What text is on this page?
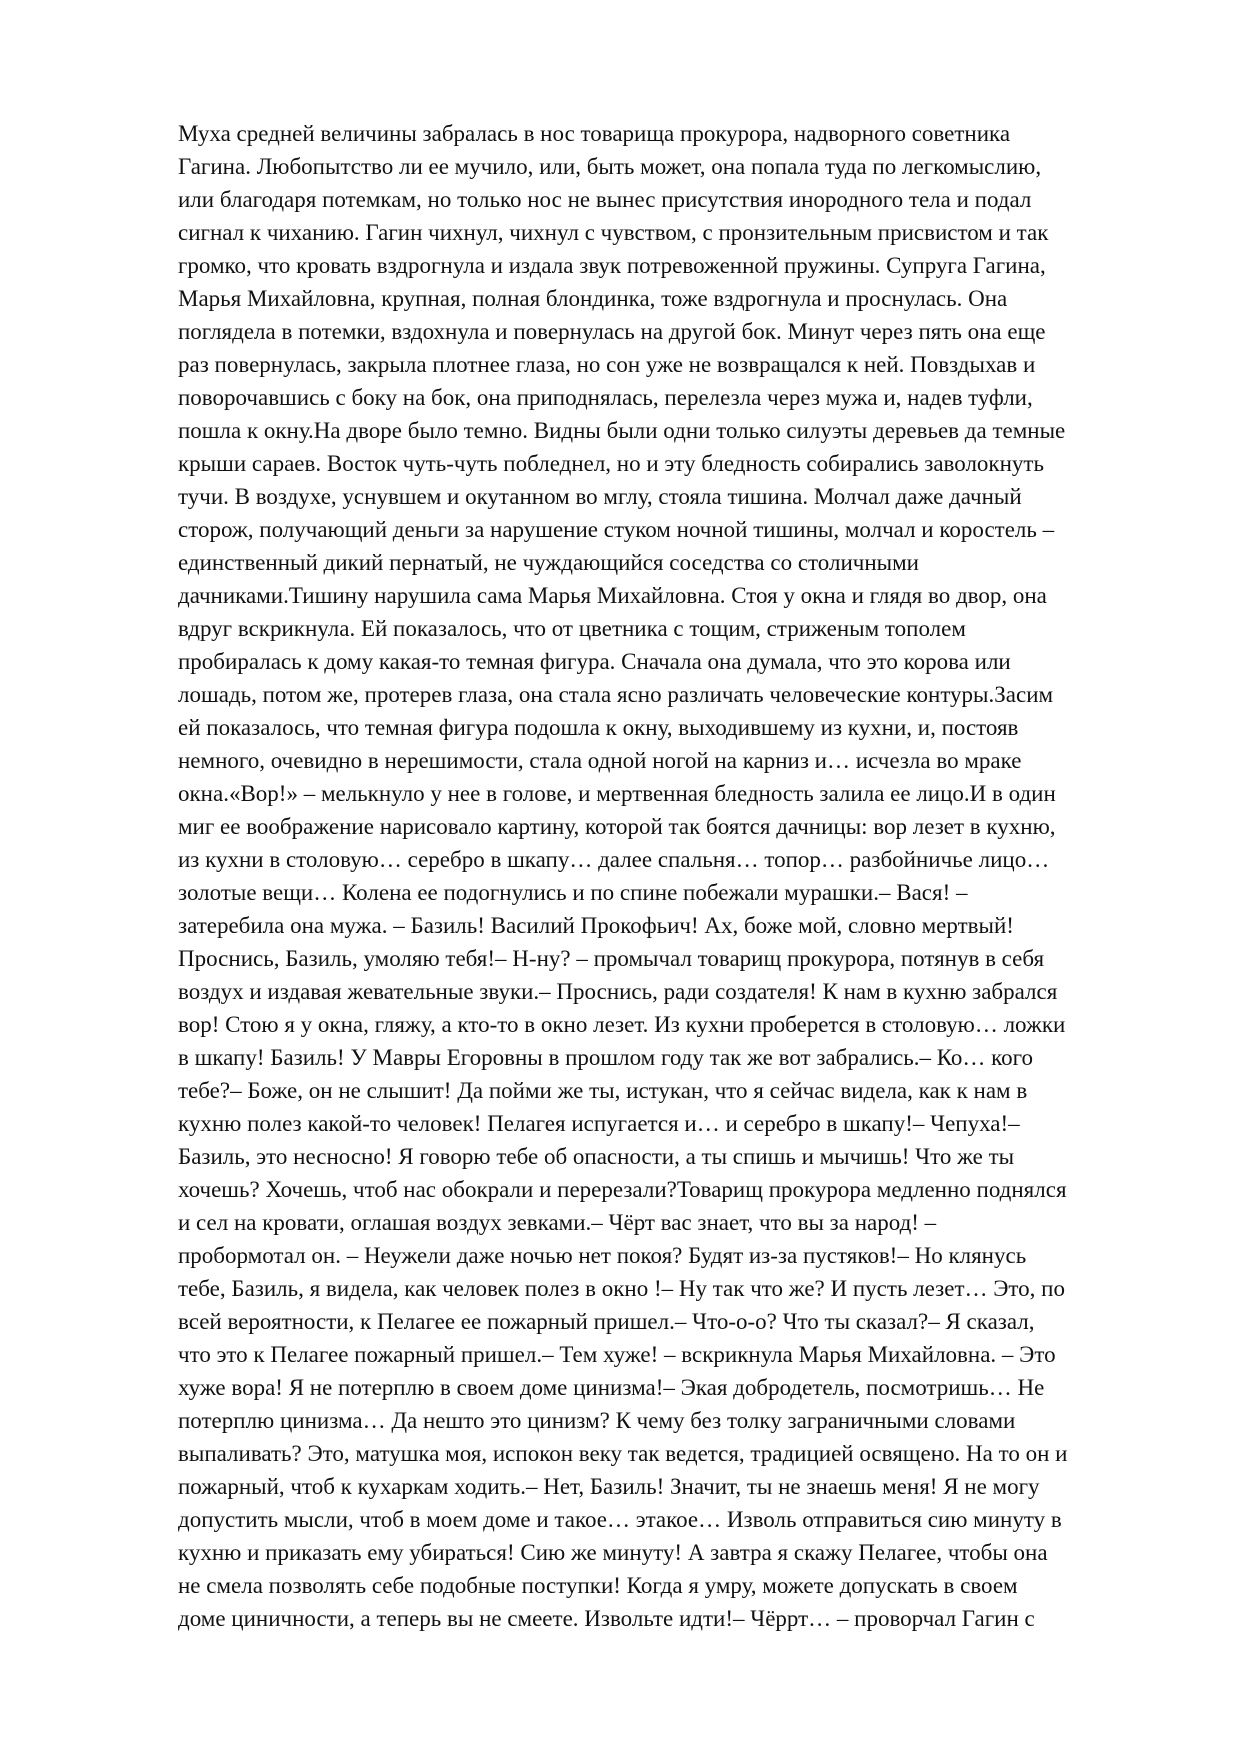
Муха средней величины забралась в нос товарища прокурора, надворного советника
Гагина. Любопытство ли ее мучило, или, быть может, она попала туда по легкомыслию,
или благодаря потемкам, но только нос не вынес присутствия инородного тела и подал
сигнал к чиханию. Гагин чихнул, чихнул с чувством, с пронзительным присвистом и так
громко, что кровать вздрогнула и издала звук потревоженной пружины. Супруга Гагина,
Марья Михайловна, крупная, полная блондинка, тоже вздрогнула и проснулась. Она
поглядела в потемки, вздохнула и повернулась на другой бок. Минут через пять она еще
раз повернулась, закрыла плотнее глаза, но сон уже не возвращался к ней. Повздыхав и
поворочавшись с боку на бок, она приподнялась, перелезла через мужа и, надев туфли,
пошла к окну.На дворе было темно. Видны были одни только силуэты деревьев да темные
крыши сараев. Восток чуть-чуть побледнел, но и эту бледность собирались заволокнуть
тучи. В воздухе, уснувшем и окутанном во мглу, стояла тишина. Молчал даже дачный
сторож, получающий деньги за нарушение стуком ночной тишины, молчал и коростель –
единственный дикий пернатый, не чуждающийся соседства со столичными
дачниками.Тишину нарушила сама Марья Михайловна. Стоя у окна и глядя во двор, она
вдруг вскрикнула. Ей показалось, что от цветника с тощим, стриженым тополем
пробиралась к дому какая-то темная фигура. Сначала она думала, что это корова или
лошадь, потом же, протерев глаза, она стала ясно различать человеческие контуры.Засим
ей показалось, что темная фигура подошла к окну, выходившему из кухни, и, постояв
немного, очевидно в нерешимости, стала одной ногой на карниз и… исчезла во мраке
окна.«Вор!» – мелькнуло у нее в голове, и мертвенная бледность залила ее лицо.И в один
миг ее воображение нарисовало картину, которой так боятся дачницы: вор лезет в кухню,
из кухни в столовую… серебро в шкапу… далее спальня… топор… разбойничье лицо…
золотые вещи… Колена ее подогнулись и по спине побежали мурашки.– Вася! –
затеребила она мужа. – Базиль! Василий Прокофьич! Ах, боже мой, словно мертвый!
Проснись, Базиль, умоляю тебя!– Н-ну? – промычал товарищ прокурора, потянув в себя
воздух и издавая жевательные звуки.– Проснись, ради создателя! К нам в кухню забрался
вор! Стою я у окна, гляжу, а кто-то в окно лезет. Из кухни проберется в столовую… ложки
в шкапу! Базиль! У Мавры Егоровны в прошлом году так же вот забрались.– Ко… кого
тебе?– Боже, он не слышит! Да пойми же ты, истукан, что я сейчас видела, как к нам в
кухню полез какой-то человек! Пелагея испугается и… и серебро в шкапу!– Чепуха!–
Базиль, это несносно! Я говорю тебе об опасности, а ты спишь и мычишь! Что же ты
хочешь? Хочешь, чтоб нас обокрали и перерезали?Товарищ прокурора медленно поднялся
и сел на кровати, оглашая воздух зевками.– Чёрт вас знает, что вы за народ! –
пробормотал он. – Неужели даже ночью нет покоя? Будят из-за пустяков!– Но клянусь
тебе, Базиль, я видела, как человек полез в окно !– Ну так что же? И пусть лезет… Это, по
всей вероятности, к Пелагее ее пожарный пришел.– Что-о-о? Что ты сказал?– Я сказал,
что это к Пелагее пожарный пришел.– Тем хуже! – вскрикнула Марья Михайловна. – Это
хуже вора! Я не потерплю в своем доме цинизма!– Экая добродетель, посмотришь… Не
потерплю цинизма… Да нешто это цинизм? К чему без толку заграничными словами
выпаливать? Это, матушка моя, испокон веку так ведется, традицией освящено. На то он и
пожарный, чтоб к кухаркам ходить.– Нет, Базиль! Значит, ты не знаешь меня! Я не могу
допустить мысли, чтоб в моем доме и такое… этакое… Изволь отправиться сию минуту в
кухню и приказать ему убираться! Сию же минуту! А завтра я скажу Пелагее, чтобы она
не смела позволять себе подобные поступки! Когда я умру, можете допускать в своем
доме циничности, а теперь вы не смеете. Извольте идти!– Чёррт… – проворчал Гагин с
